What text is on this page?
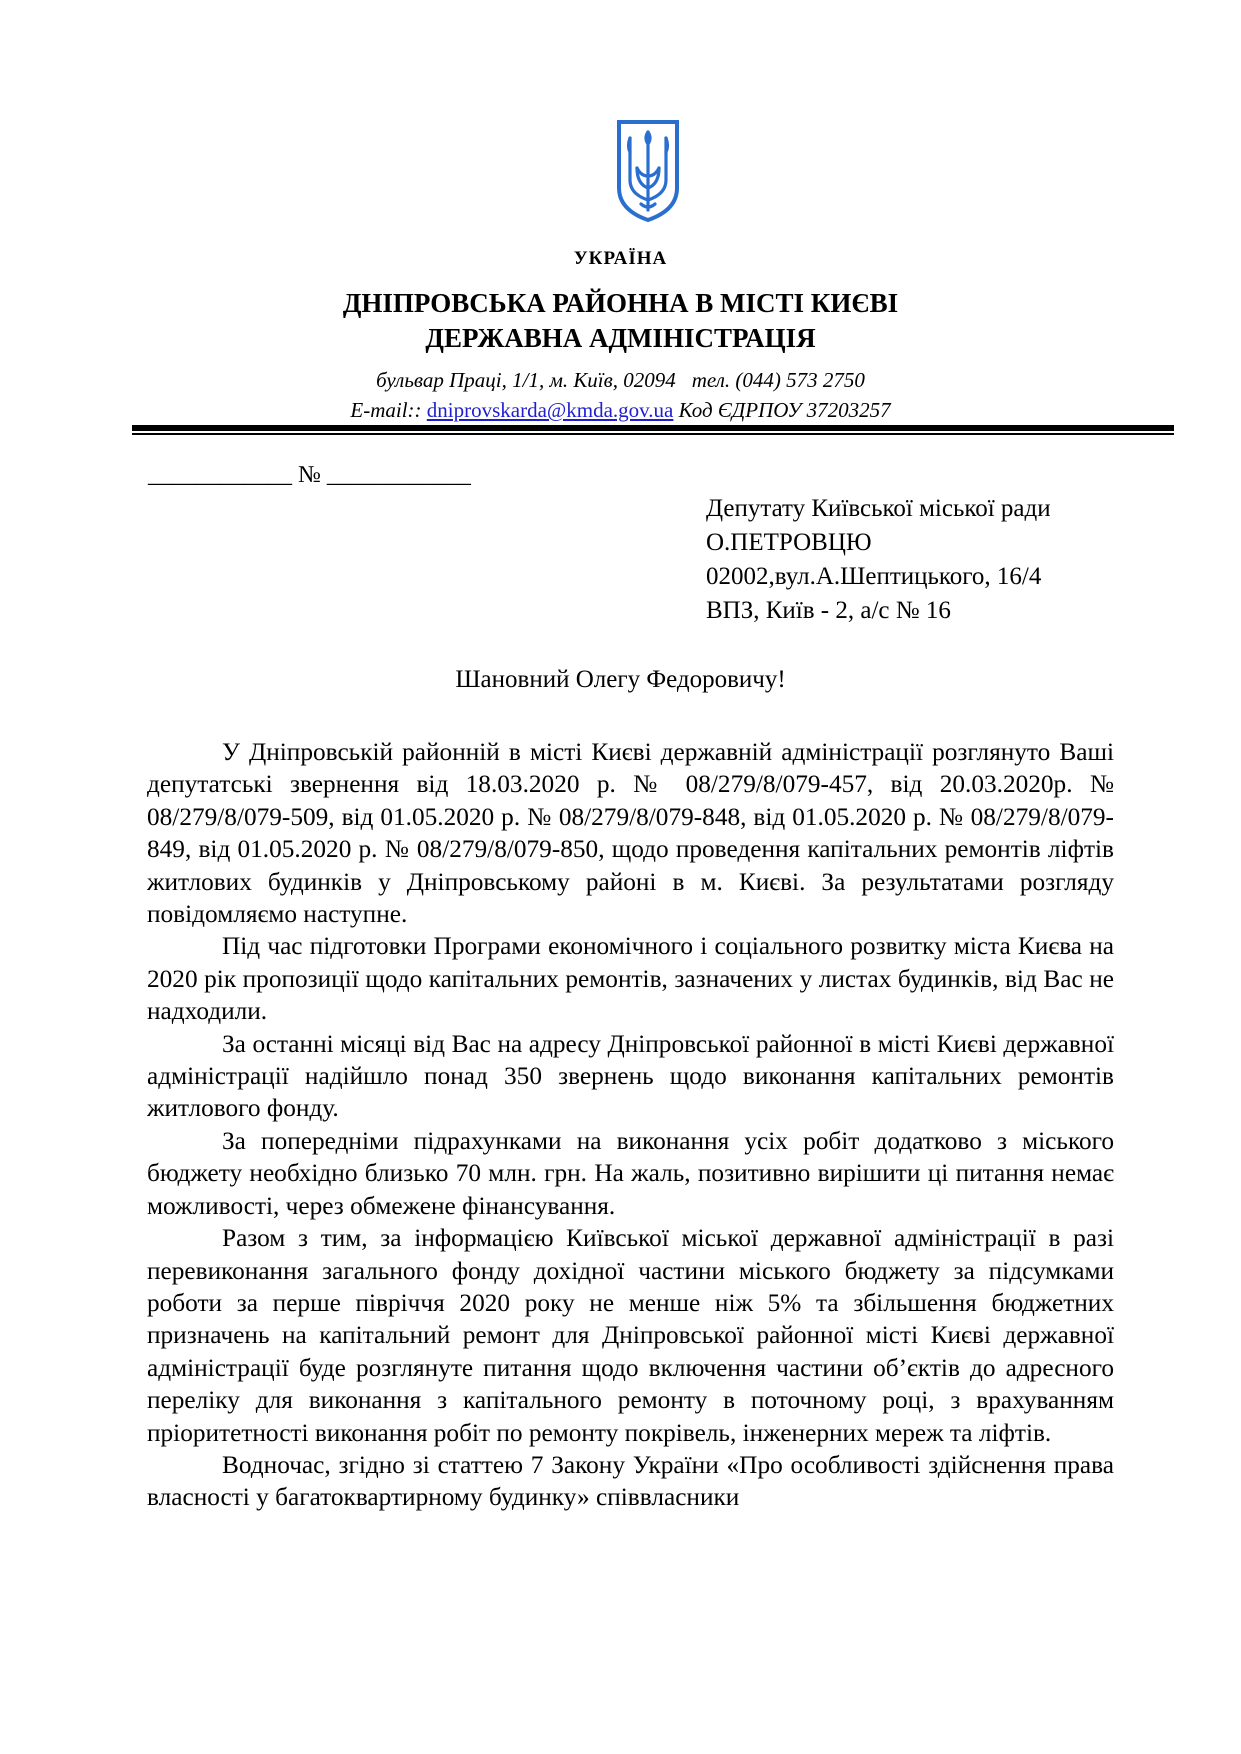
УКРАЇНА
ДНІПРОВСЬКА РАЙОННА В МІСТІ КИЄВІ
ДЕРЖАВНА АДМІНІСТРАЦІЯ
бульвар Праці, 1/1, м. Київ, 02094 тел. (044) 573 2750
E-mail:: dniprovskarda@kmda.gov.ua Код ЄДРПОУ 37203257
____________ № ____________
Депутату Київської міської ради
О.ПЕТРОВЦЮ
02002,вул.А.Шептицького, 16/4
ВПЗ, Київ - 2, а/с № 16
Шановний Олегу Федоровичу!

У Дніпровській районній в місті Києві державній адміністрації розглянуто Ваші депутатські звернення від 18.03.2020 р. № 08/279/8/079-457, від 20.03.2020р. № 08/279/8/079-509, від 01.05.2020 р. № 08/279/8/079-848, від 01.05.2020 р. № 08/279/8/079-849, від 01.05.2020 р. № 08/279/8/079-850, щодо проведення капітальних ремонтів ліфтів житлових будинків у Дніпровському районі в м. Києві. За результатами розгляду повідомляємо наступне.

Під час підготовки Програми економічного і соціального розвитку міста Києва на 2020 рік пропозиції щодо капітальних ремонтів, зазначених у листах будинків, від Вас не надходили.

За останні місяці від Вас на адресу Дніпровської районної в місті Києві державної адміністрації надійшло понад 350 звернень щодо виконання капітальних ремонтів житлового фонду.

За попередніми підрахунками на виконання усіх робіт додатково з міського бюджету необхідно близько 70 млн. грн. На жаль, позитивно вирішити ці питання немає можливості, через обмежене фінансування.

Разом з тим, за інформацією Київської міської державної адміністрації в разі перевиконання загального фонду дохідної частини міського бюджету за підсумками роботи за перше півріччя 2020 року не менше ніж 5% та збільшення бюджетних призначень на капітальний ремонт для Дніпровської районної місті Києві державної адміністрації буде розглянуте питання щодо включення частини об’єктів до адресного переліку для виконання з капітального ремонту в поточному році, з врахуванням пріоритетності виконання робіт по ремонту покрівель, інженерних мереж та ліфтів.

Водночас, згідно зі статтею 7 Закону України «Про особливості здійснення права власності у багатоквартирному будинку» співвласники
